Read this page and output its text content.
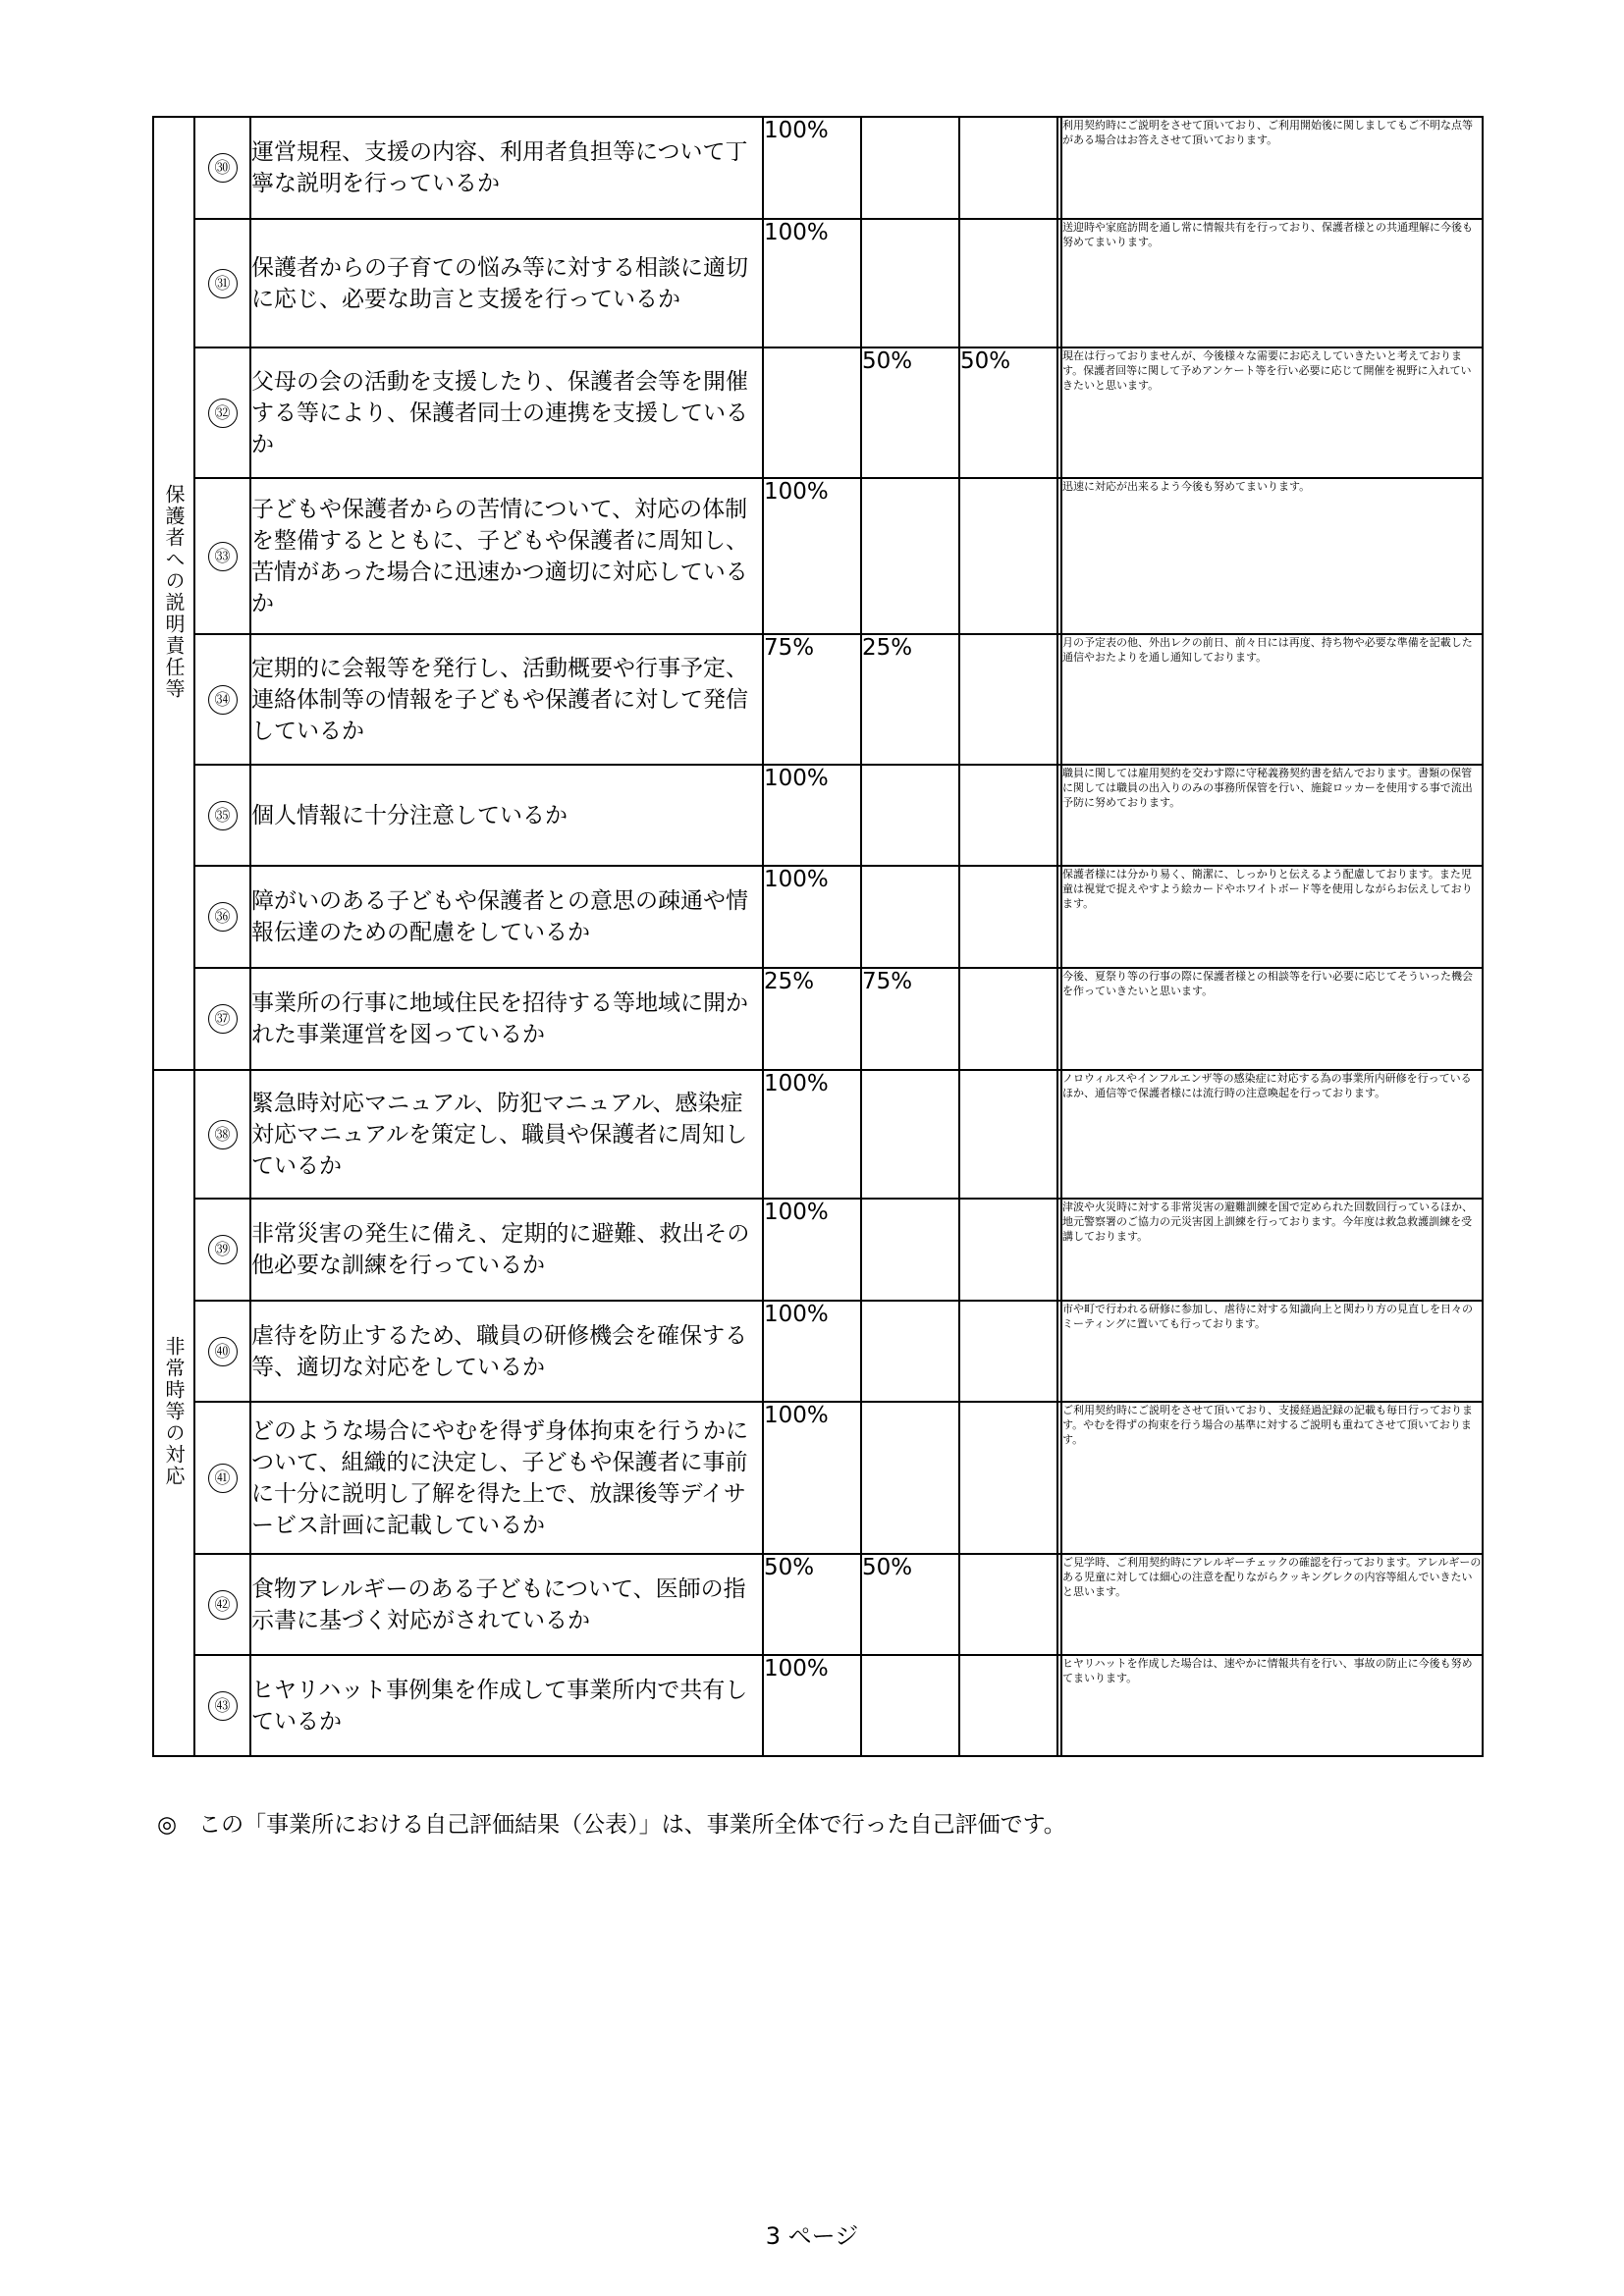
保護者への説明責任等	㉚	運営規程、支援の内容、利用者負担等について丁寧な説明を行っているか	100%				利用契約時にご説明をさせて頂いており、ご利用開始後に関しましてもご不明な点等がある場合はお答えさせて頂いております。
	㉛	保護者からの子育ての悩み等に対する相談に適切に応じ、必要な助言と支援を行っているか	100%				送迎時や家庭訪問を通し常に情報共有を行っており、保護者様との共通理解に今後も努めてまいります。
	㉜	父母の会の活動を支援したり、保護者会等を開催する等により、保護者同士の連携を支援しているか		50%	50%		現在は行っておりませんが、今後様々な需要にお応えしていきたいと考えております。保護者回等に関して予めアンケート等を行い必要に応じて開催を視野に入れていきたいと思います。
	㉝	子どもや保護者からの苦情について、対応の体制を整備するとともに、子どもや保護者に周知し、苦情があった場合に迅速かつ適切に対応しているか	100%				迅速に対応が出来るよう今後も努めてまいります。
	㉞	定期的に会報等を発行し、活動概要や行事予定、連絡体制等の情報を子どもや保護者に対して発信しているか	75%	25%			月の予定表の他、外出レクの前日、前々日には再度、持ち物や必要な準備を記載した通信やおたよりを通し通知しております。
	㉟	個人情報に十分注意しているか	100%				職員に関しては雇用契約を交わす際に守秘義務契約書を結んでおります。書類の保管に関しては職員の出入りのみの事務所保管を行い、施錠ロッカーを使用する事で流出予防に努めております。
	㊱	障がいのある子どもや保護者との意思の疎通や情報伝達のための配慮をしているか	100%				保護者様には分かり易く、簡潔に、しっかりと伝えるよう配慮しております。また児童は視覚で捉えやすよう絵カードやホワイトボード等を使用しながらお伝えしております。
	㊲	事業所の行事に地域住民を招待する等地域に開かれた事業運営を図っているか	25%	75%			今後、夏祭り等の行事の際に保護者様との相談等を行い必要に応じてそういった機会を作っていきたいと思います。
非常時等の対応	㊳	緊急時対応マニュアル、防犯マニュアル、感染症対応マニュアルを策定し、職員や保護者に周知しているか	100%				ノロウィルスやインフルエンザ等の感染症に対応する為の事業所内研修を行っているほか、通信等で保護者様には流行時の注意喚起を行っております。
	㊴	非常災害の発生に備え、定期的に避難、救出その他必要な訓練を行っているか	100%				津波や火災時に対する非常災害の避難訓練を国で定められた回数回行っているほか、地元警察署のご協力の元災害図上訓練を行っております。今年度は救急救護訓練を受講しております。
	㊵	虐待を防止するため、職員の研修機会を確保する等、適切な対応をしているか	100%				市や町で行われる研修に参加し、虐待に対する知識向上と関わり方の見直しを日々のミーティングに置いても行っております。
	㊶	どのような場合にやむを得ず身体拘束を行うかについて、組織的に決定し、子どもや保護者に事前に十分に説明し了解を得た上で、放課後等デイサービス計画に記載しているか	100%				ご利用契約時にご説明をさせて頂いており、支援経過記録の記載も毎日行っております。やむを得ずの拘束を行う場合の基準に対するご説明も重ねてさせて頂いております。
	㊷	食物アレルギーのある子どもについて、医師の指示書に基づく対応がされているか	50%	50%			ご見学時、ご利用契約時にアレルギーチェックの確認を行っております。アレルギーのある児童に対しては細心の注意を配りながらクッキングレクの内容等組んでいきたいと思います。
	㊸	ヒヤリハット事例集を作成して事業所内で共有しているか	100%				ヒヤリハットを作成した場合は、速やかに情報共有を行い、事故の防止に今後も努めてまいります。
◎ この「事業所における自己評価結果（公表）」は、事業所全体で行った自己評価です。
3 ページ
